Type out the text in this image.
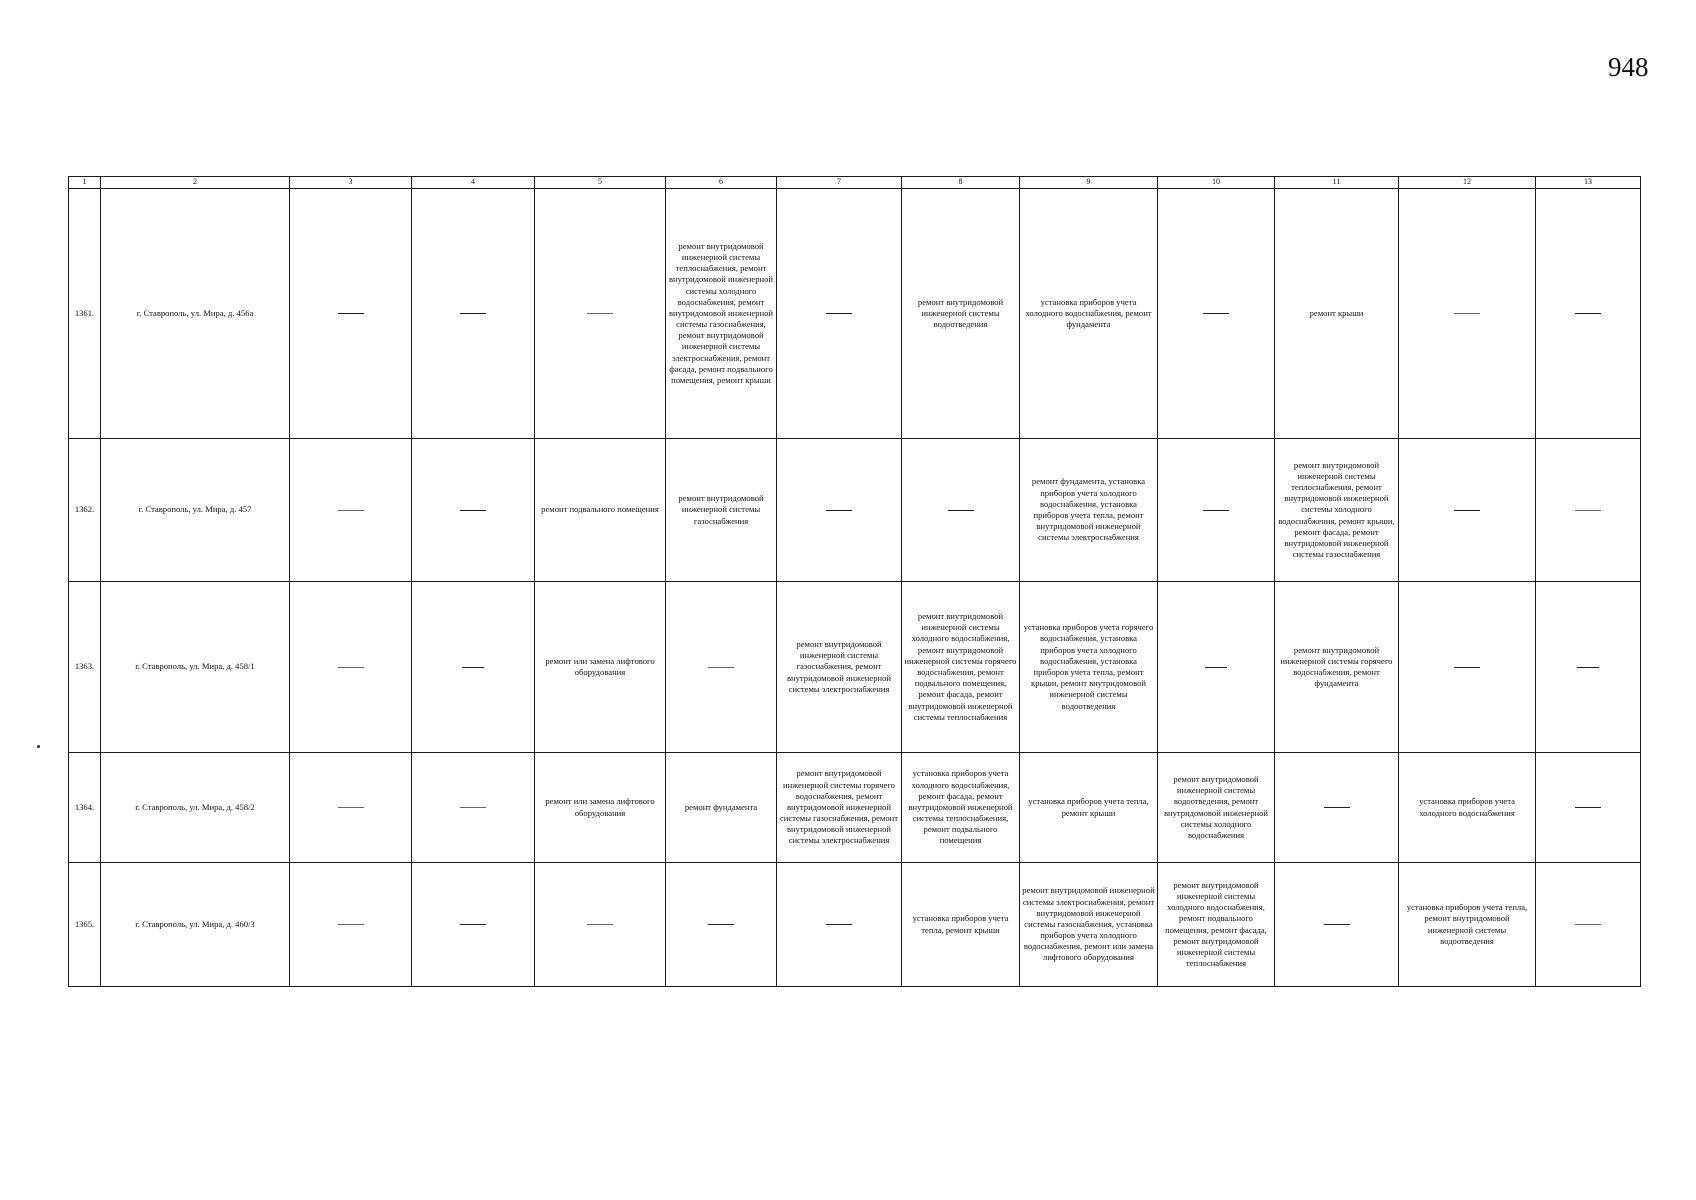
948
1	2	3	4	5	6	7	8	9	10	11	12	13
1361.	г. Ставрополь, ул. Мира, д. 456а				ремонт внутридомовой инженерной системы теплоснабжения, ремонт внутридомовой инженерной системы холодного водоснабжения, ремонт внутридомовой инженерной системы газоснабжения, ремонт внутридомовой инженерной системы электроснабжения, ремонт фасада, ремонт подвального помещения, ремонт крыши		ремонт внутридомовой инженерной системы водоотведения	установка приборов учета холодного водоснабжения, ремонт фундамента		ремонт крыши		
1362.	г. Ставрополь, ул. Мира, д. 457			ремонт подвального помещения	ремонт внутридомовой инженерной системы газоснабжения			ремонт фундамента, установка приборов учета холодного водоснабжения, установка приборов учета тепла, ремонт внутридомовой инженерной системы электроснабжения		ремонт внутридомовой инженерной системы теплоснабжения, ремонт внутридомовой инженерной системы холодного водоснабжения, ремонт крыши, ремонт фасада, ремонт внутридомовой инженерной системы газоснабжения		
1363.	г. Ставрополь, ул. Мира, д. 458/1			ремонт или замена лифтового оборудования		ремонт внутридомовой инженерной системы газоснабжения, ремонт внутридомовой инженерной системы электроснабжения	ремонт внутридомовой инженерной системы холодного водоснабжения, ремонт внутридомовой инженерной системы горячего водоснабжения, ремонт подвального помещения, ремонт фасада, ремонт внутридомовой инженерной системы теплоснабжения	установка приборов учета горячего водоснабжения, установка приборов учета холодного водоснабжения, установка приборов учета тепла, ремонт крыши, ремонт внутридомовой инженерной системы водоотведения		ремонт внутридомовой инженерной системы горячего водоснабжения, ремонт фундамента		
1364.	г. Ставрополь, ул. Мира, д. 458/2			ремонт или замена лифтового оборудования	ремонт фундамента	ремонт внутридомовой инженерной системы горячего водоснабжения, ремонт внутридомовой инженерной системы газоснабжения, ремонт внутридомовой инженерной системы электроснабжения	установка приборов учета холодного водоснабжения, ремонт фасада, ремонт внутридомовой инженерной системы теплоснабжения, ремонт подвального помещения	установка приборов учета тепла, ремонт крыши	ремонт внутридомовой инженерной системы водоотведения, ремонт внутридомовой инженерной системы холодного водоснабжения		установка приборов учета холодного водоснабжения	
1365.	г. Ставрополь, ул. Мира, д. 460/3						установка приборов учета тепла, ремонт крыши	ремонт внутридомовой инженерной системы электроснабжения, ремонт внутридомовой инженерной системы газоснабжения, установка приборов учета холодного водоснабжения, ремонт или замена лифтового оборудования	ремонт внутридомовой инженерной системы холодного водоснабжения, ремонт подвального помещения, ремонт фасада, ремонт внутридомовой инженерной системы теплоснабжения		установка приборов учета тепла, ремонт внутридомовой инженерной системы водоотведения	
